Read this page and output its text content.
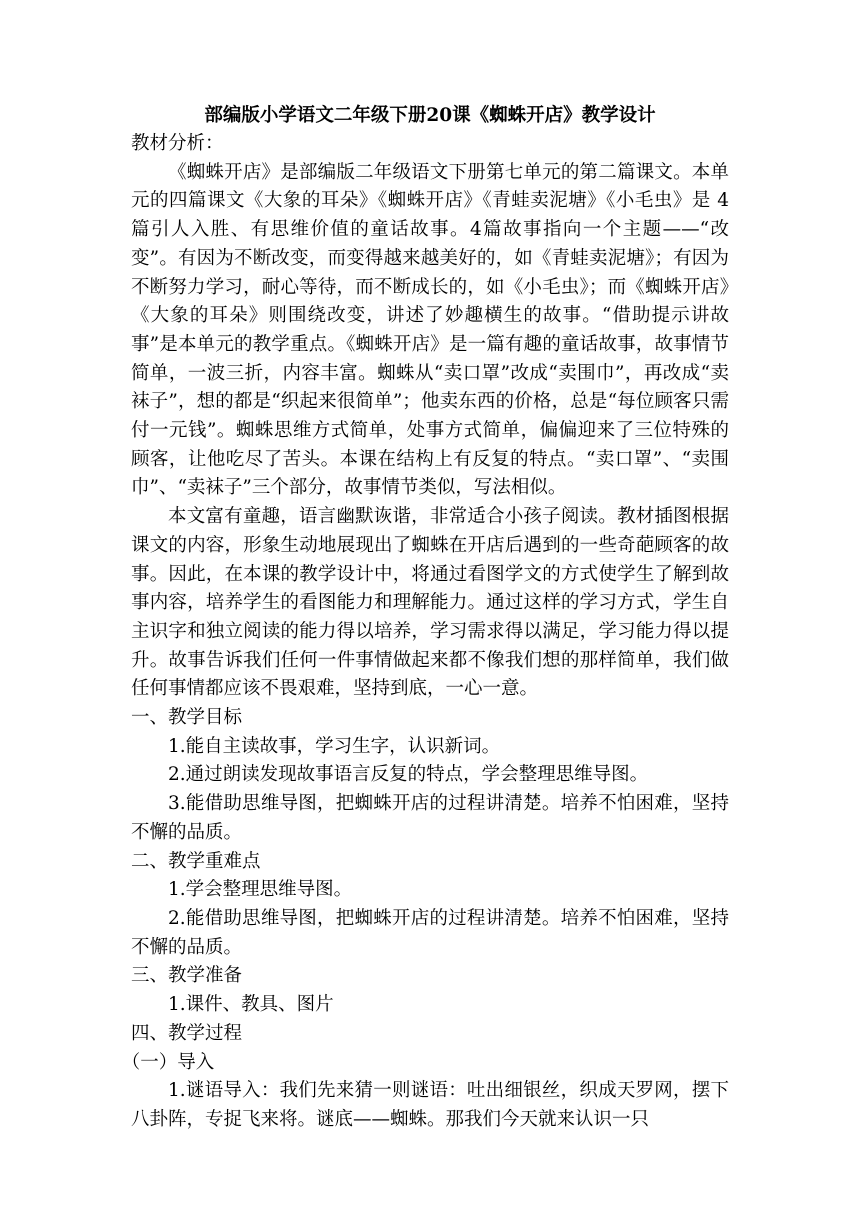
部编版小学语文二年级下册20课《蜘蛛开店》教学设计

教材分析：

《蜘蛛开店》是部编版二年级语文下册第七单元的第二篇课文。本单元的四篇课文《大象的耳朵》《蜘蛛开店》《青蛙卖泥塘》《小毛虫》是 4篇引人入胜、有思维价值的童话故事。4篇故事指向一个主题——“改变”。有因为不断改变，而变得越来越美好的，如《青蛙卖泥塘》；有因为不断努力学习，耐心等待，而不断成长的，如《小毛虫》；而《蜘蛛开店》《大象的耳朵》则围绕改变，讲述了妙趣横生的故事。“借助提示讲故事”是本单元的教学重点。《蜘蛛开店》是一篇有趣的童话故事，故事情节简单，一波三折，内容丰富。蜘蛛从“卖口罩”改成“卖围巾”，再改成“卖袜子”，想的都是“织起来很简单”；他卖东西的价格，总是“每位顾客只需付一元钱”。蜘蛛思维方式简单，处事方式简单，偏偏迎来了三位特殊的顾客，让他吃尽了苦头。本课在结构上有反复的特点。“卖口罩”、“卖围巾”、“卖袜子”三个部分，故事情节类似，写法相似。

本文富有童趣，语言幽默诙谐，非常适合小孩子阅读。教材插图根据课文的内容，形象生动地展现出了蜘蛛在开店后遇到的一些奇葩顾客的故事。因此，在本课的教学设计中，将通过看图学文的方式使学生了解到故事内容，培养学生的看图能力和理解能力。通过这样的学习方式，学生自主识字和独立阅读的能力得以培养，学习需求得以满足，学习能力得以提升。故事告诉我们任何一件事情做起来都不像我们想的那样简单，我们做任何事情都应该不畏艰难，坚持到底，一心一意。

一、教学目标

1.能自主读故事，学习生字，认识新词。

2.通过朗读发现故事语言反复的特点，学会整理思维导图。

3.能借助思维导图，把蜘蛛开店的过程讲清楚。培养不怕困难，坚持不懈的品质。

二、教学重难点

1.学会整理思维导图。

2.能借助思维导图，把蜘蛛开店的过程讲清楚。培养不怕困难，坚持不懈的品质。

三、教学准备

1.课件、教具、图片

四、教学过程

（一）导入

1.谜语导入：我们先来猜一则谜语：吐出细银丝，织成天罗网，摆下八卦阵，专捉飞来将。谜底——蜘蛛。那我们今天就来认识一只
